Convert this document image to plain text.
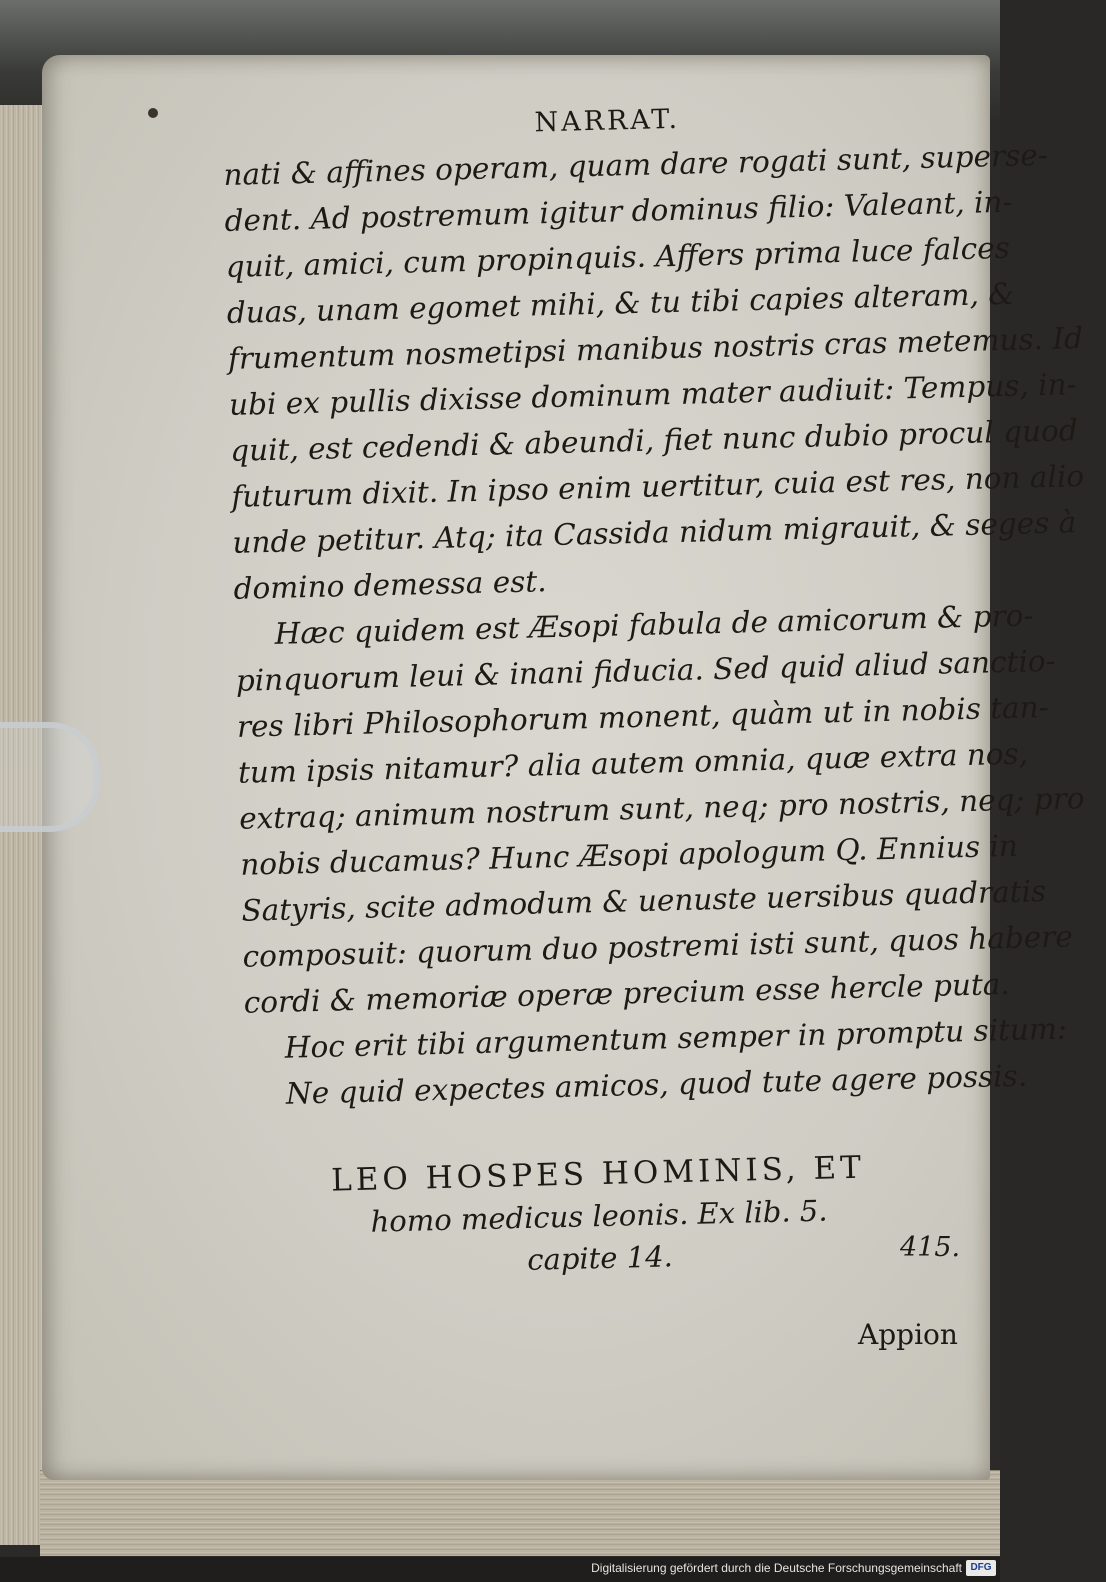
NARRAT.
nati & affines operam, quam dare rogati sunt, superse-
dent. Ad postremum igitur dominus filio: Valeant, in-
quit, amici, cum propinquis. Affers prima luce falces
duas, unam egomet mihi, & tu tibi capies alteram, &
frumentum nosmetipsi manibus nostris cras metemus. Id
ubi ex pullis dixisse dominum mater audiuit: Tempus, in-
quit, est cedendi & abeundi, fiet nunc dubio procul quod
futurum dixit. In ipso enim uertitur, cuia est res, non alio
unde petitur. Atq; ita Cassida nidum migrauit, & seges à
domino demessa est.
Hæc quidem est Æsopi fabula de amicorum & pro-
pinquorum leui & inani fiducia. Sed quid aliud sanctio-
res libri Philosophorum monent, quàm ut in nobis tan-
tum ipsis nitamur? alia autem omnia, quæ extra nos,
extraq; animum nostrum sunt, neq; pro nostris, neq; pro
nobis ducamus? Hunc Æsopi apologum Q. Ennius in
Satyris, scite admodum & uenuste uersibus quadratis
composuit: quorum duo postremi isti sunt, quos habere
cordi & memoriæ operæ precium esse hercle puta.
Hoc erit tibi argumentum semper in promptu situm:
Ne quid expectes amicos, quod tute agere possis.
LEO HOSPES HOMINIS, ET
homo medicus leonis. Ex lib. 5.
capite 14.	415.
Appion
Digitalisierung gefördert durch die Deutsche Forschungsgemeinschaft DFG
